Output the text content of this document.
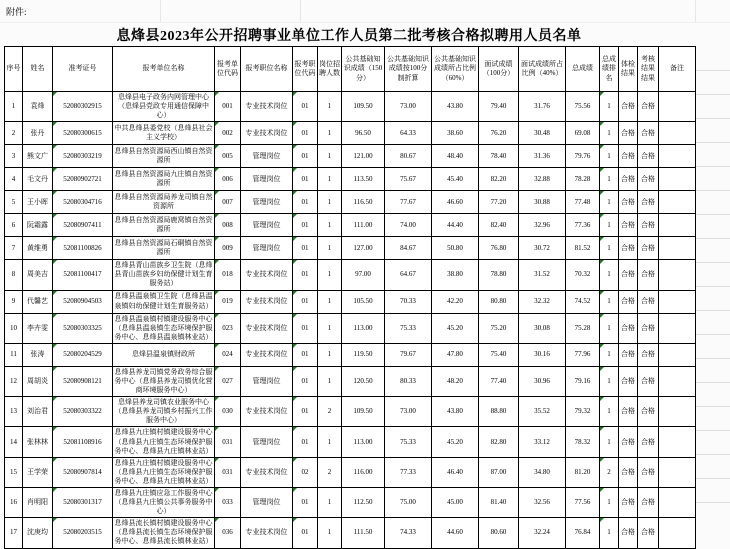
附件:
息烽县2023年公开招聘事业单位工作人员第二批考核合格拟聘用人员名单
序号	姓名	准考证号	报考单位名称	报考单位代码	报考职位名称	报考职位代码	岗位招聘人数	公共基础知识成绩（150分）	公共基础知识成绩按100分制折算	公共基础知识成绩所占比例（60%）	面试成绩（100分）	面试成绩所占比例（40%）	总成绩	总成绩排名	体检结果	考核结果结果	备注
1	袁烽	52080302915	息烽县电子政务内网管理中心（息烽县党政专用通信保障中心）	001	专业技术岗位	01	1	109.50	73.00	43.80	79.40	31.76	75.56	1	合格	合格	
2	张丹	52080300615	中共息烽县委党校（息烽县社会主义学校）	002	专业技术岗位	01	1	96.50	64.33	38.60	76.20	30.48	69.08	1	合格	合格	
3	熊文广	52080303219	息烽县自然资源局西山镇自然资源所	005	管理岗位	01	1	121.00	80.67	48.40	78.40	31.36	79.76	1	合格	合格	
4	毛文丹	52080902721	息烽县自然资源局九庄镇自然资源所	006	管理岗位	01	1	113.50	75.67	45.40	82.20	32.88	78.28	1	合格	合格	
5	王小晖	52080304716	息烽县自然资源局养龙司镇自然资源所	007	管理岗位	01	1	116.50	77.67	46.60	77.20	30.88	77.48	1	合格	合格	
6	阮霜露	52080907411	息烽县自然资源局鹿窝镇自然资源所	008	管理岗位	01	1	111.00	74.00	44.40	82.40	32.96	77.36	1	合格	合格	
7	黄维勇	52081100826	息烽县自然资源局石硐镇自然资源所	009	管理岗位	01	1	127.00	84.67	50.80	76.80	30.72	81.52	1	合格	合格	
8	周美吉	52081100417	息烽县青山苗族乡卫生院（息烽县青山苗族乡妇幼保健计划生育服务站）	018	专业技术岗位	01	1	97.00	64.67	38.80	78.80	31.52	70.32	1	合格	合格	
9	代馨艺	52080904503	息烽县温泉镇卫生院（息烽县温泉镇妇幼保健计划生育服务站）	019	专业技术岗位	01	1	105.50	70.33	42.20	80.80	32.32	74.52	1	合格	合格	
10	李卉雯	52080303325	息烽县温泉镇村镇建设服务中心（息烽县温泉镇生态环境保护服务中心、息烽县温泉镇林业站）	023	专业技术岗位	01	1	113.00	75.33	45.20	75.20	30.08	75.28	1	合格	合格	
11	张涛	52080204529	息烽县温泉镇财政所	024	专业技术岗位	01	1	119.50	79.67	47.80	75.40	30.16	77.96	1	合格	合格	
12	周胡炎	52080908121	息烽县养龙司镇党务政务综合服务中心（息烽县养龙司镇优化营商环境服务中心）	027	管理岗位	01	1	120.50	80.33	48.20	77.40	30.96	79.16	1	合格	合格	
13	刘治君	52080303322	息烽县养龙司镇农业服务中心（息烽县养龙司镇乡村振兴工作服务中心）	030	专业技术岗位	01	2	109.50	73.00	43.80	88.80	35.52	79.32	1	合格	合格	
14	张林林	52081108916	息烽县九庄镇村镇建设服务中心（息烽县九庄镇生态环境保护服务中心、息烽县九庄镇林业站）	031	管理岗位	01	1	113.00	75.33	45.20	82.80	33.12	78.32	1	合格	合格	
15	王学荣	52080907814	息烽县九庄镇村镇建设服务中心（息烽县九庄镇生态环境保护服务中心、息烽县九庄镇林业站）	031	专业技术岗位	02	2	116.00	77.33	46.40	87.00	34.80	81.20	2	合格	合格	
16	肖明阳	52080301317	息烽县九庄镇应急工作服务中心（息烽县九庄镇公共事务服务中心）	033	管理岗位	01	1	112.50	75.00	45.00	81.40	32.56	77.56	1	合格	合格	
17	沈庚均	52080203515	息烽县流长镇村镇建设服务中心（息烽县流长镇生态环境保护服务中心、息烽县流长镇林业站）	036	专业技术岗位	01	1	111.50	74.33	44.60	80.60	32.24	76.84	1	合格	合格	
